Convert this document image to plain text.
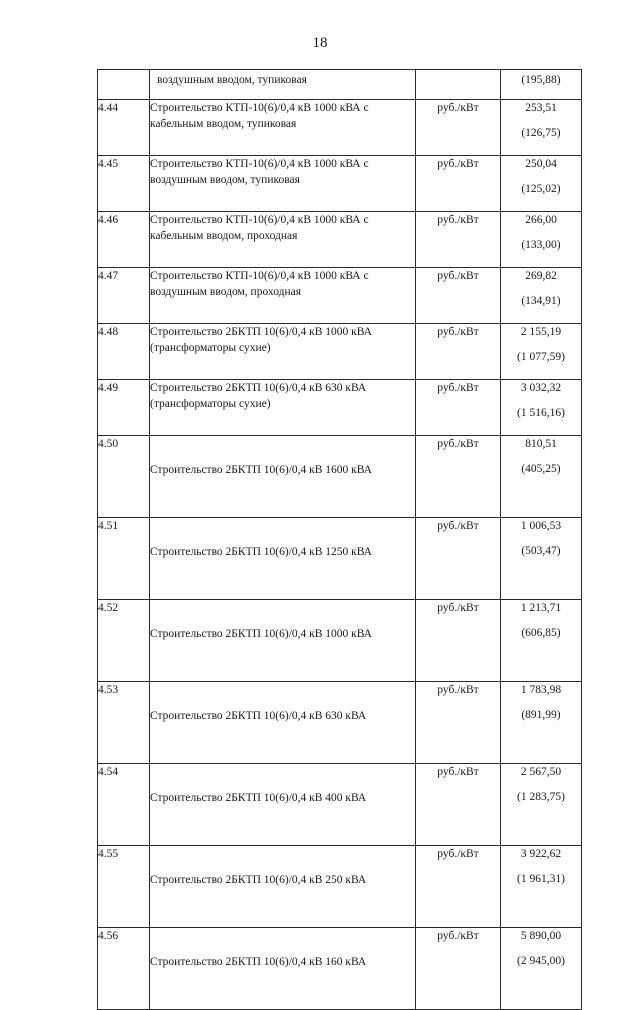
18
	воздушным вводом, тупиковая		(195,88)

4.44	Строительство КТП-10(6)/0,4 кВ 1000 кВА с кабельным вводом, тупиковая	руб./кВт	253,51
(126,75)

4.45	Строительство КТП-10(6)/0,4 кВ 1000 кВА с воздушным вводом, тупиковая	руб./кВт	250,04
(125,02)

4.46	Строительство КТП-10(6)/0,4 кВ 1000 кВА с кабельным вводом, проходная	руб./кВт	266,00
(133,00)

4.47	Строительство КТП-10(6)/0,4 кВ 1000 кВА с воздушным вводом, проходная	руб./кВт	269,82
(134,91)

4.48	Строительство 2БКТП 10(6)/0,4 кВ 1000 кВА (трансформаторы сухие)	руб./кВт	2 155,19
(1 077,59)

4.49	Строительство 2БКТП 10(6)/0,4 кВ 630 кВА (трансформаторы сухие)	руб./кВт	3 032,32
(1 516,16)

4.50	Строительство 2БКТП 10(6)/0,4 кВ 1600 кВА	руб./кВт	810,51
(405,25)

4.51	Строительство 2БКТП 10(6)/0,4 кВ 1250 кВА	руб./кВт	1 006,53
(503,47)

4.52	Строительство 2БКТП 10(6)/0,4 кВ 1000 кВА	руб./кВт	1 213,71
(606,85)

4.53	Строительство 2БКТП 10(6)/0,4 кВ 630 кВА	руб./кВт	1 783,98
(891,99)

4.54	Строительство 2БКТП 10(6)/0,4 кВ 400 кВА	руб./кВт	2 567,50
(1 283,75)

4.55	Строительство 2БКТП 10(6)/0,4 кВ 250 кВА	руб./кВт	3 922,62
(1 961,31)

4.56	Строительство 2БКТП 10(6)/0,4 кВ 160 кВА	руб./кВт	5 890,00
(2 945,00)
